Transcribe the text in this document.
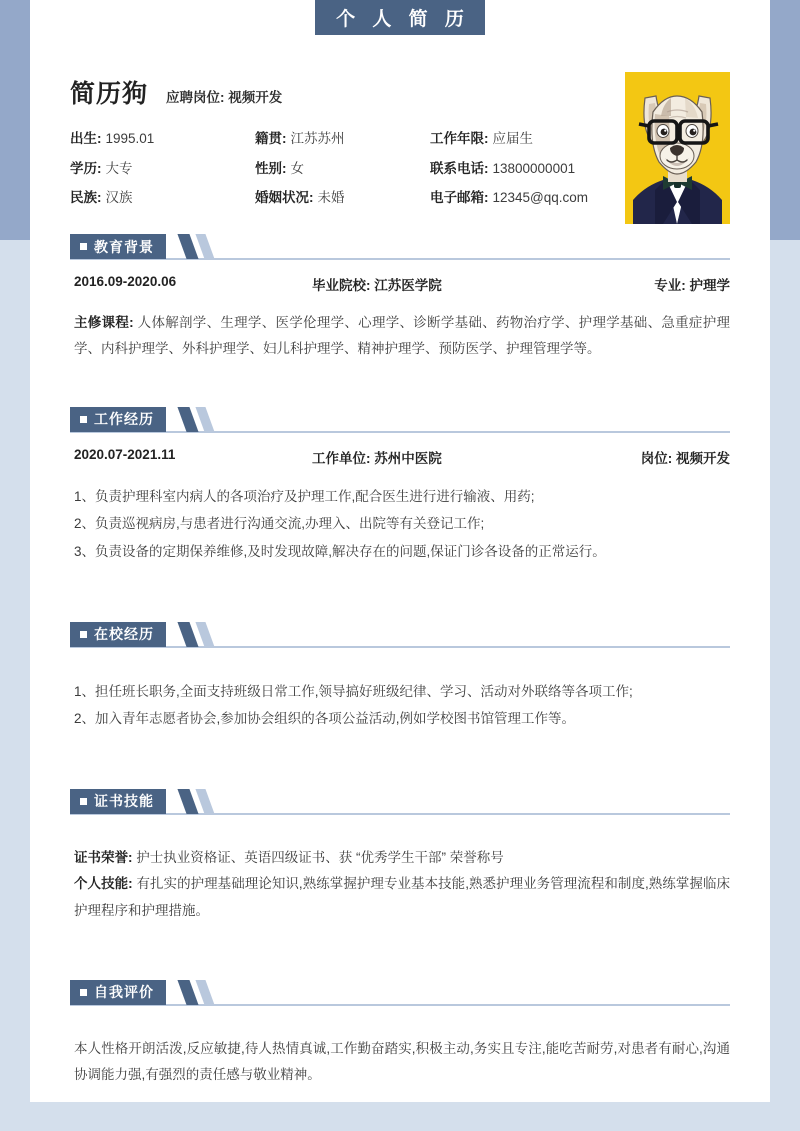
个 人 简 历
简历狗 应聘岗位: 视频开发
出生: 1995.01	籍贯: 江苏苏州	工作年限: 应届生
学历: 大专	性别: 女	联系电话: 13800000001
民族: 汉族	婚姻状况: 未婚	电子邮箱: 12345@qq.com
教育背景
2016.09-2020.06	毕业院校: 江苏医学院	专业: 护理学
主修课程: 人体解剖学、生理学、医学伦理学、心理学、诊断学基础、药物治疗学、护理学基础、急重症护理学、内科护理学、外科护理学、妇儿科护理学、精神护理学、预防医学、护理管理学等。
工作经历
2020.07-2021.11	工作单位: 苏州中医院	岗位: 视频开发
1、负责护理科室内病人的各项治疗及护理工作,配合医生进行进行输液、用药;
2、负责巡视病房,与患者进行沟通交流,办理入、出院等有关登记工作;
3、负责设备的定期保养维修,及时发现故障,解决存在的问题,保证门诊各设备的正常运行。
在校经历
1、担任班长职务,全面支持班级日常工作,领导搞好班级纪律、学习、活动对外联络等各项工作;
2、加入青年志愿者协会,参加协会组织的各项公益活动,例如学校图书馆管理工作等。
证书技能
证书荣誉: 护士执业资格证、英语四级证书、获 “优秀学生干部” 荣誉称号
个人技能: 有扎实的护理基础理论知识,熟练掌握护理专业基本技能,熟悉护理业务管理流程和制度,熟练掌握临床护理程序和护理措施。
自我评价
本人性格开朗活泼,反应敏捷,待人热情真诚,工作勤奋踏实,积极主动,务实且专注,能吃苦耐劳,对患者有耐心,沟通协调能力强,有强烈的责任感与敬业精神。
